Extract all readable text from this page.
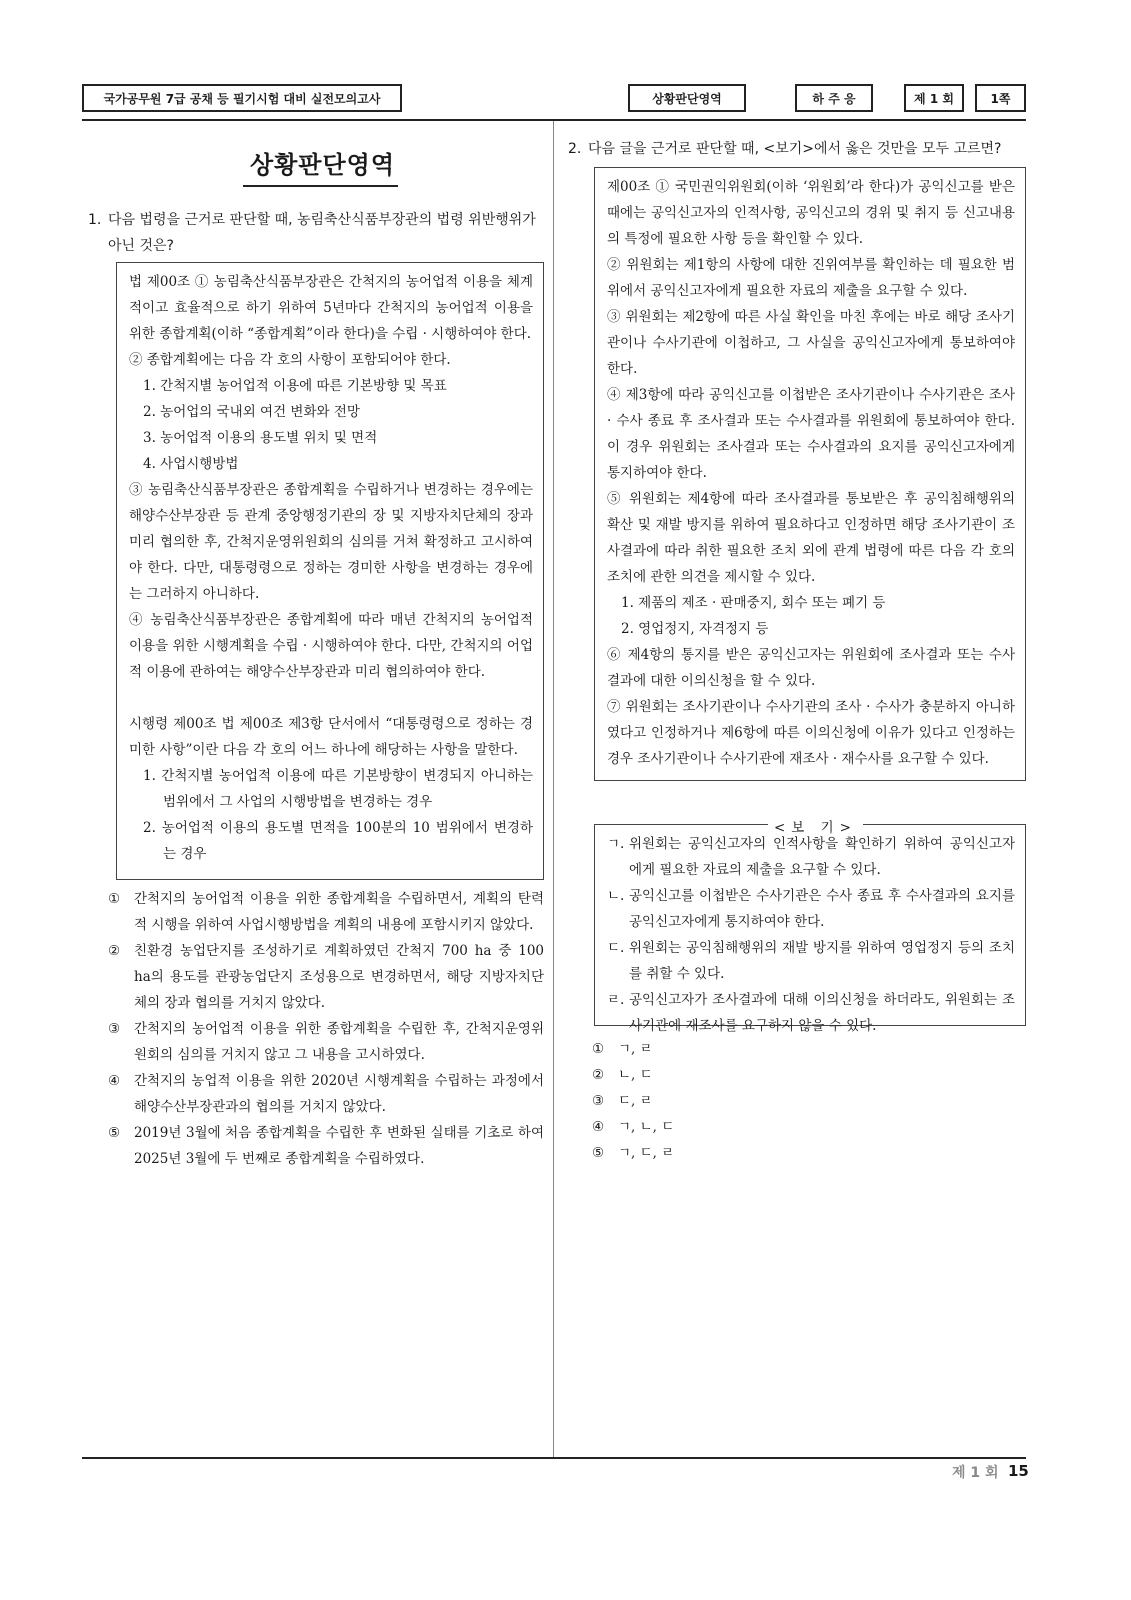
국가공무원 7급 공채 등 필기시험 대비 실전모의고사	상황판단영역	하 주 응	제 1 회	1쪽
상황판단영역
1. 다음 법령을 근거로 판단할 때, 농림축산식품부장관의 법령 위반행위가
아닌 것은?

법 제00조 ① 농림축산식품부장관은 간척지의 농어업적 이용을 체계적이고 효율적으로 하기 위하여 5년마다 간척지의 농어업적 이용을 위한 종합계획(이하 “종합계획”이라 한다)을 수립 · 시행하여야 한다.

② 종합계획에는 다음 각 호의 사항이 포함되어야 한다.

1. 간척지별 농어업적 이용에 따른 기본방향 및 목표

2. 농어업의 국내외 여건 변화와 전망

3. 농어업적 이용의 용도별 위치 및 면적

4. 사업시행방법

③ 농림축산식품부장관은 종합계획을 수립하거나 변경하는 경우에는 해양수산부장관 등 관계 중앙행정기관의 장 및 지방자치단체의 장과 미리 협의한 후, 간척지운영위원회의 심의를 거쳐 확정하고 고시하여야 한다. 다만, 대통령령으로 정하는 경미한 사항을 변경하는 경우에는 그러하지 아니하다.

④ 농림축산식품부장관은 종합계획에 따라 매년 간척지의 농어업적 이용을 위한 시행계획을 수립 · 시행하여야 한다. 다만, 간척지의 어업적 이용에 관하여는 해양수산부장관과 미리 협의하여야 한다.

시행령 제00조 법 제00조 제3항 단서에서 “대통령령으로 정하는 경미한 사항”이란 다음 각 호의 어느 하나에 해당하는 사항을 말한다.

1. 간척지별 농어업적 이용에 따른 기본방향이 변경되지 아니하는 범위에서 그 사업의 시행방법을 변경하는 경우

2. 농어업적 이용의 용도별 면적을 100분의 10 범위에서 변경하는 경우

①	간척지의 농어업적 이용을 위한 종합계획을 수립하면서, 계획의 탄력적 시행을 위하여 사업시행방법을 계획의 내용에 포함시키지 않았다.
②	친환경 농업단지를 조성하기로 계획하였던 간척지 700 ha 중 100 ha의 용도를 관광농업단지 조성용으로 변경하면서, 해당 지방자치단체의 장과 협의를 거치지 않았다.
③	간척지의 농어업적 이용을 위한 종합계획을 수립한 후, 간척지운영위원회의 심의를 거치지 않고 그 내용을 고시하였다.
④	간척지의 농업적 이용을 위한 2020년 시행계획을 수립하는 과정에서 해양수산부장관과의 협의를 거치지 않았다.
⑤	2019년 3월에 처음 종합계획을 수립한 후 변화된 실태를 기초로 하여 2025년 3월에 두 번째로 종합계획을 수립하였다.
2. 다음 글을 근거로 판단할 때, <보기>에서 옳은 것만을 모두 고르면?

제00조 ① 국민권익위원회(이하 ‘위원회’라 한다)가 공익신고를 받은 때에는 공익신고자의 인적사항, 공익신고의 경위 및 취지 등 신고내용의 특정에 필요한 사항 등을 확인할 수 있다.

② 위원회는 제1항의 사항에 대한 진위여부를 확인하는 데 필요한 범위에서 공익신고자에게 필요한 자료의 제출을 요구할 수 있다.

③ 위원회는 제2항에 따른 사실 확인을 마친 후에는 바로 해당 조사기관이나 수사기관에 이첩하고, 그 사실을 공익신고자에게 통보하여야 한다.

④ 제3항에 따라 공익신고를 이첩받은 조사기관이나 수사기관은 조사 · 수사 종료 후 조사결과 또는 수사결과를 위원회에 통보하여야 한다. 이 경우 위원회는 조사결과 또는 수사결과의 요지를 공익신고자에게 통지하여야 한다.

⑤ 위원회는 제4항에 따라 조사결과를 통보받은 후 공익침해행위의 확산 및 재발 방지를 위하여 필요하다고 인정하면 해당 조사기관이 조사결과에 따라 취한 필요한 조치 외에 관계 법령에 따른 다음 각 호의 조치에 관한 의견을 제시할 수 있다.

1. 제품의 제조 · 판매중지, 회수 또는 폐기 등

2. 영업정지, 자격정지 등

⑥ 제4항의 통지를 받은 공익신고자는 위원회에 조사결과 또는 수사결과에 대한 이의신청을 할 수 있다.

⑦ 위원회는 조사기관이나 수사기관의 조사 · 수사가 충분하지 아니하였다고 인정하거나 제6항에 따른 이의신청에 이유가 있다고 인정하는 경우 조사기관이나 수사기관에 재조사 · 재수사를 요구할 수 있다.

ㄱ. 위원회는 공익신고자의 인적사항을 확인하기 위하여 공익신고자에게 필요한 자료의 제출을 요구할 수 있다.
ㄴ. 공익신고를 이첩받은 수사기관은 수사 종료 후 수사결과의 요지를 공익신고자에게 통지하여야 한다.
ㄷ. 위원회는 공익침해행위의 재발 방지를 위하여 영업정지 등의 조치를 취할 수 있다.
ㄹ. 공익신고자가 조사결과에 대해 이의신청을 하더라도, 위원회는 조사기관에 재조사를 요구하지 않을 수 있다.
<보 기>
①	ㄱ, ㄹ
②	ㄴ, ㄷ
③	ㄷ, ㄹ
④	ㄱ, ㄴ, ㄷ
⑤	ㄱ, ㄷ, ㄹ
제 1 회 15
